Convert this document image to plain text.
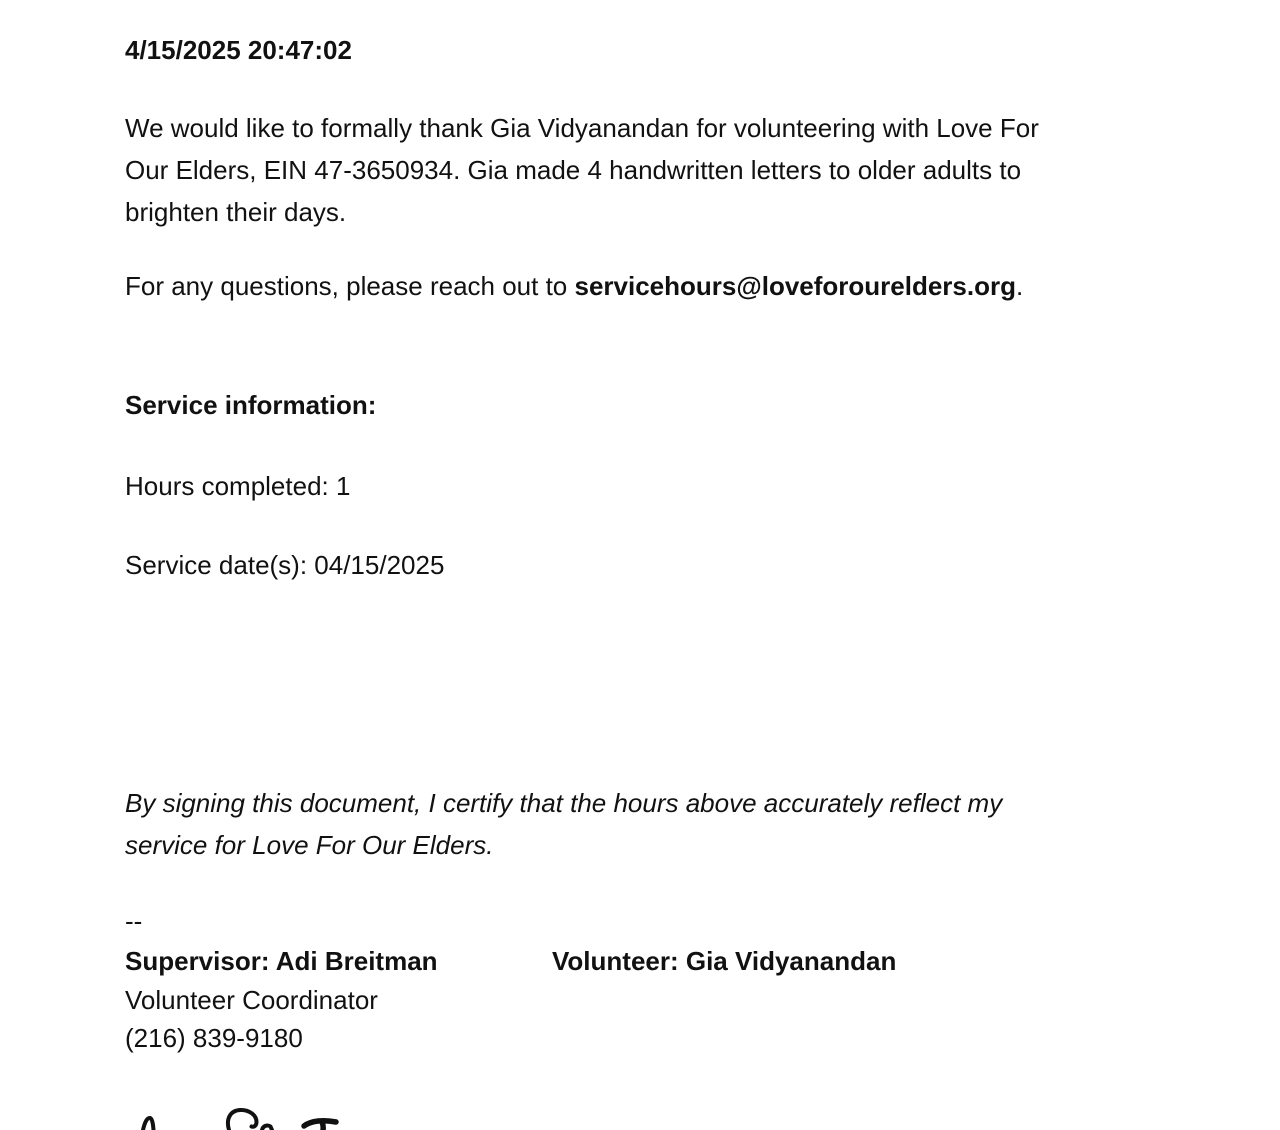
4/15/2025 20:47:02
We would like to formally thank Gia Vidyanandan for volunteering with Love For
Our Elders, EIN 47-3650934. Gia made 4 handwritten letters to older adults to
brighten their days.
For any questions, please reach out to servicehours@loveforourelders.org.
Service information:
Hours completed: 1
Service date(s): 04/15/2025
By signing this document, I certify that the hours above accurately reflect my
service for Love For Our Elders.
--
Supervisor: Adi Breitman	Volunteer: Gia Vidyanandan
Volunteer Coordinator
(216) 839-9180
